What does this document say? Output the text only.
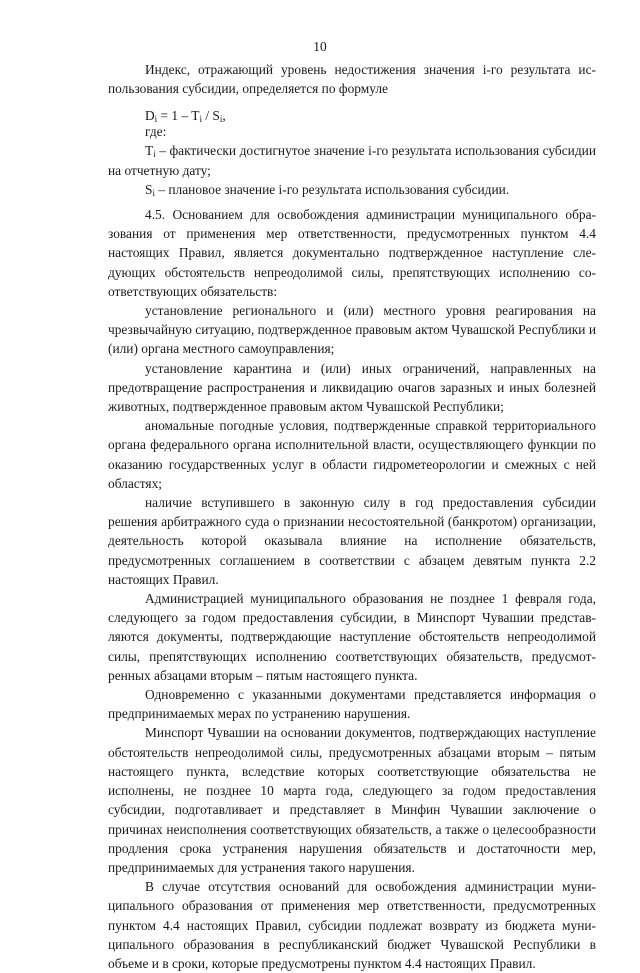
10

Индекс, отражающий уровень недостижения значения i-го результата использования субсидии, определяется по формуле

$D_i = 1 - T_i / S_i$,

где:

$T_i$ – фактически достигнутое значение i-го результата использования субсидии на отчетную дату;

$S_i$ – плановое значение i-го результата использования субсидии.

4.5. Основанием для освобождения администрации муниципального образования от применения мер ответственности, предусмотренных пунктом 4.4 настоящих Правил, является документально подтвержденное наступление следующих обстоятельств непреодолимой силы, препятствующих исполнению соответствующих обязательств:

установление регионального и (или) местного уровня реагирования на чрезвычайную ситуацию, подтвержденное правовым актом Чувашской Республики и (или) органа местного самоуправления;

установление карантина и (или) иных ограничений, направленных на предотвращение распространения и ликвидацию очагов заразных и иных болезней животных, подтвержденное правовым актом Чувашской Республики;

аномальные погодные условия, подтвержденные справкой территориального органа федерального органа исполнительной власти, осуществляющего функции по оказанию государственных услуг в области гидрометеорологии и смежных с ней областях;

наличие вступившего в законную силу в год предоставления субсидии решения арбитражного суда о признании несостоятельной (банкротом) организации, деятельность которой оказывала влияние на исполнение обязательств, предусмотренных соглашением в соответствии с абзацем девятым пункта 2.2 настоящих Правил.

Администрацией муниципального образования не позднее 1 февраля года, следующего за годом предоставления субсидии, в Минспорт Чувашии представляются документы, подтверждающие наступление обстоятельств непреодолимой силы, препятствующих исполнению соответствующих обязательств, предусмотренных абзацами вторым – пятым настоящего пункта.

Одновременно с указанными документами представляется информация о предпринимаемых мерах по устранению нарушения.

Минспорт Чувашии на основании документов, подтверждающих наступление обстоятельств непреодолимой силы, предусмотренных абзацами вторым – пятым настоящего пункта, вследствие которых соответствующие обязательства не исполнены, не позднее 10 марта года, следующего за годом предоставления субсидии, подготавливает и представляет в Минфин Чувашии заключение о причинах неисполнения соответствующих обязательств, а также о целесообразности продления срока устранения нарушения обязательств и достаточности мер, предпринимаемых для устранения такого нарушения.

В случае отсутствия оснований для освобождения администрации муниципального образования от применения мер ответственности, предусмотренных пунктом 4.4 настоящих Правил, субсидии подлежат возврату из бюджета муниципального образования в республиканский бюджет Чувашской Республики в объеме и в сроки, которые предусмотрены пунктом 4.4 настоящих Правил.
